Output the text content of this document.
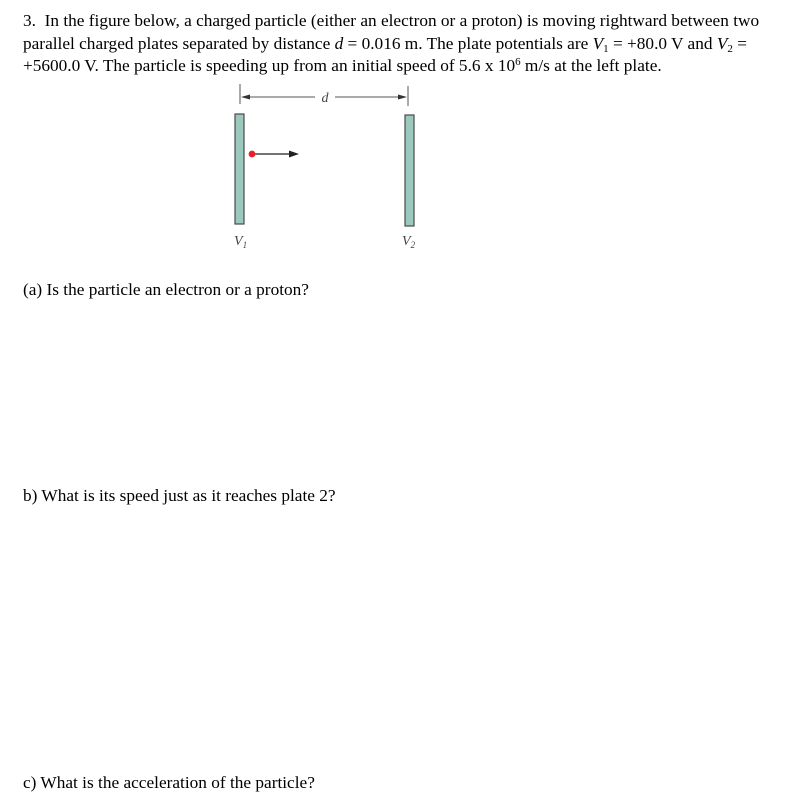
3. In the figure below, a charged particle (either an electron or a proton) is moving rightward between two parallel charged plates separated by distance d = 0.016 m. The plate potentials are $V_1 = +80.0$ V and $V_2 = +5600.0$ V. The particle is speeding up from an initial speed of 5.6 x $10^6$ m/s at the left plate.

d
$V_1$	$V_2$

(a) Is the particle an electron or a proton?

b) What is its speed just as it reaches plate 2?

c) What is the acceleration of the particle?
